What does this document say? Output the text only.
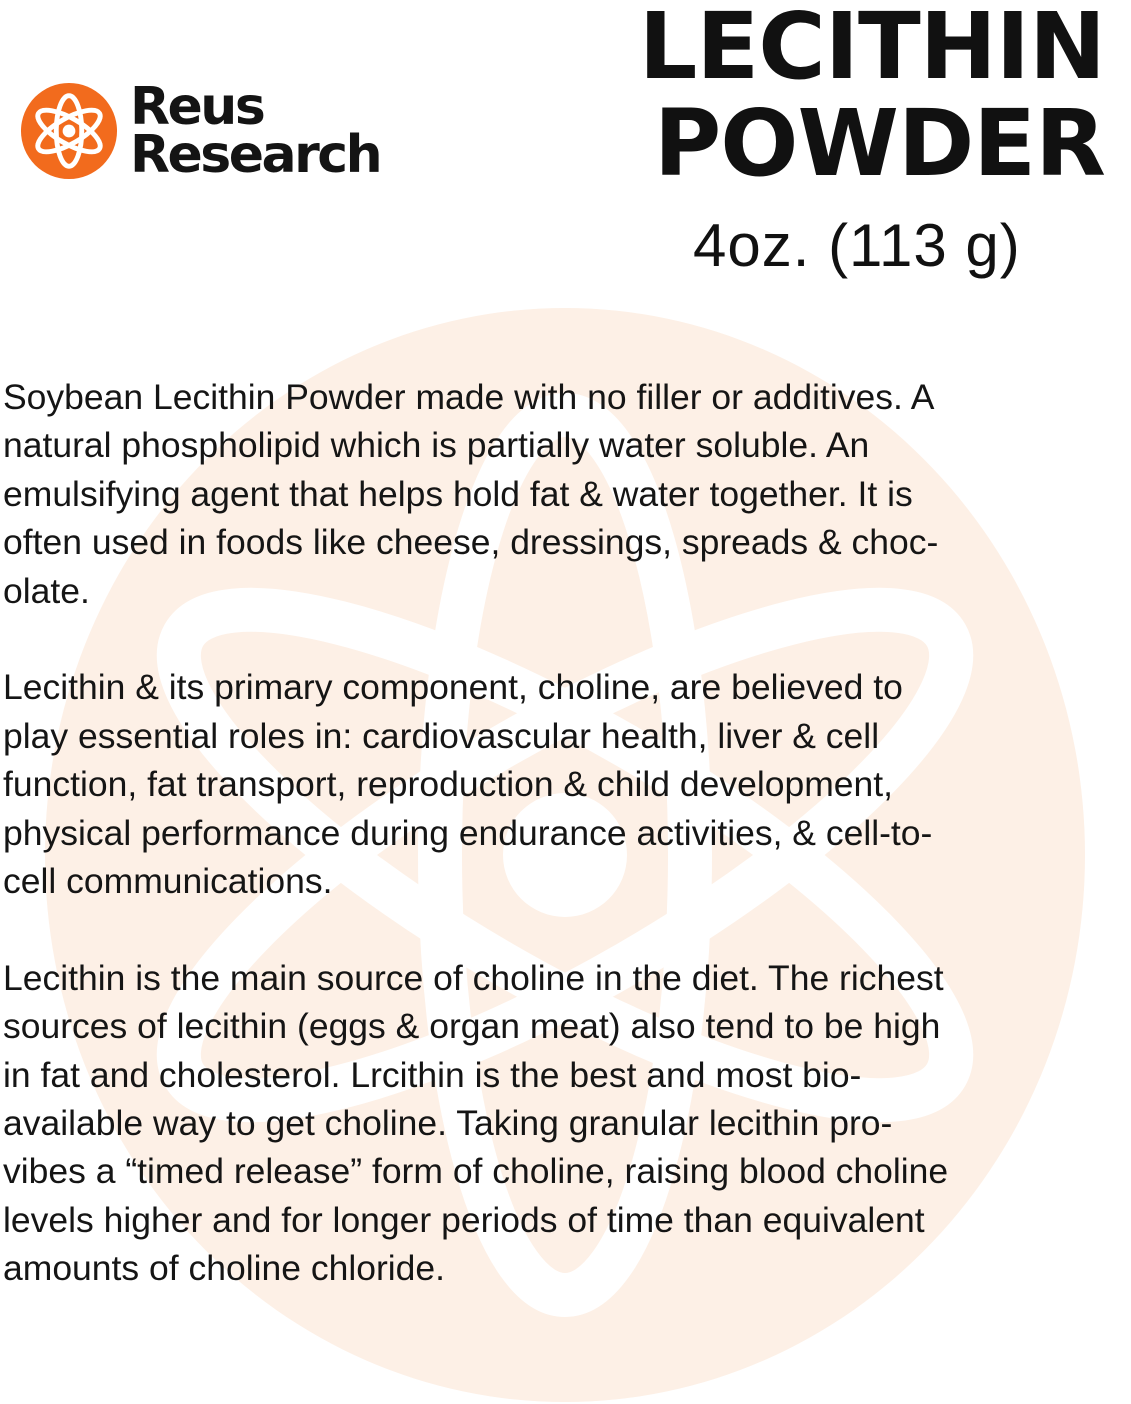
Reus
Research
LECITHIN
POWDER
4oz. (113 g)

Soybean Lecithin Powder made with no filler or additives. A
natural phospholipid which is partially water soluble. An
emulsifying agent that helps hold fat & water together. It is
often used in foods like cheese, dressings, spreads & choc-
olate.

Lecithin & its primary component, choline, are believed to
play essential roles in: cardiovascular health, liver & cell
function, fat transport, reproduction & child development,
physical performance during endurance activities, & cell-to-
cell communications.

Lecithin is the main source of choline in the diet. The richest
sources of lecithin (eggs & organ meat) also tend to be high
in fat and cholesterol. Lrcithin is the best and most bio-
available way to get choline. Taking granular lecithin pro-
vibes a “timed release” form of choline, raising blood choline
levels higher and for longer periods of time than equivalent
amounts of choline chloride.
